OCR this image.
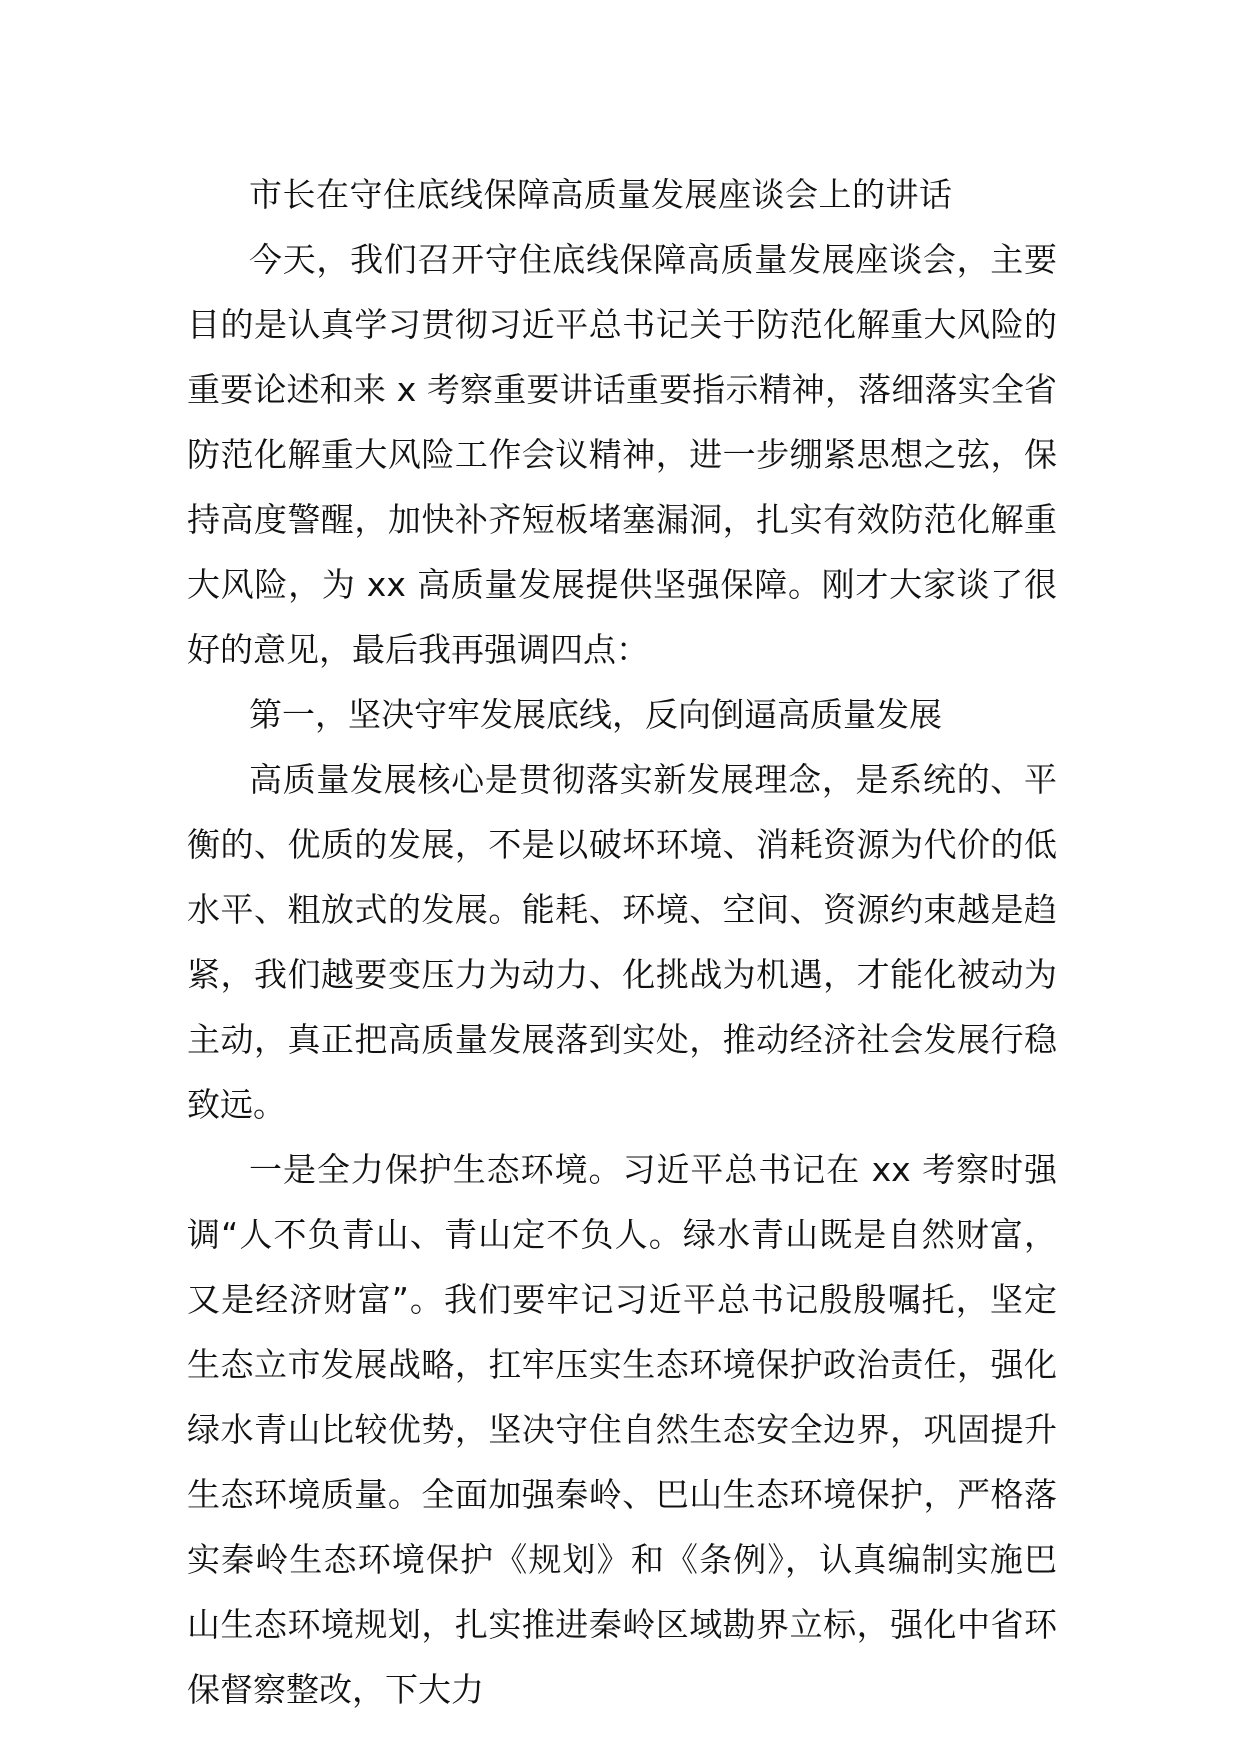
市长在守住底线保障高质量发展座谈会上的讲话

今天，我们召开守住底线保障高质量发展座谈会，主要目的是认真学习贯彻习近平总书记关于防范化解重大风险的重要论述和来 x 考察重要讲话重要指示精神，落细落实全省防范化解重大风险工作会议精神，进一步绷紧思想之弦，保持高度警醒，加快补齐短板堵塞漏洞，扎实有效防范化解重大风险，为 xx 高质量发展提供坚强保障。刚才大家谈了很好的意见，最后我再强调四点：

第一，坚决守牢发展底线，反向倒逼高质量发展

高质量发展核心是贯彻落实新发展理念，是系统的、平衡的、优质的发展，不是以破坏环境、消耗资源为代价的低水平、粗放式的发展。能耗、环境、空间、资源约束越是趋紧，我们越要变压力为动力、化挑战为机遇，才能化被动为主动，真正把高质量发展落到实处，推动经济社会发展行稳致远。

一是全力保护生态环境。习近平总书记在 xx 考察时强调“人不负青山、青山定不负人。绿水青山既是自然财富，又是经济财富”。我们要牢记习近平总书记殷殷嘱托，坚定生态立市发展战略，扛牢压实生态环境保护政治责任，强化绿水青山比较优势，坚决守住自然生态安全边界，巩固提升生态环境质量。全面加强秦岭、巴山生态环境保护，严格落实秦岭生态环境保护《规划》和《条例》，认真编制实施巴山生态环境规划，扎实推进秦岭区域勘界立标，强化中省环保督察整改，下大力
